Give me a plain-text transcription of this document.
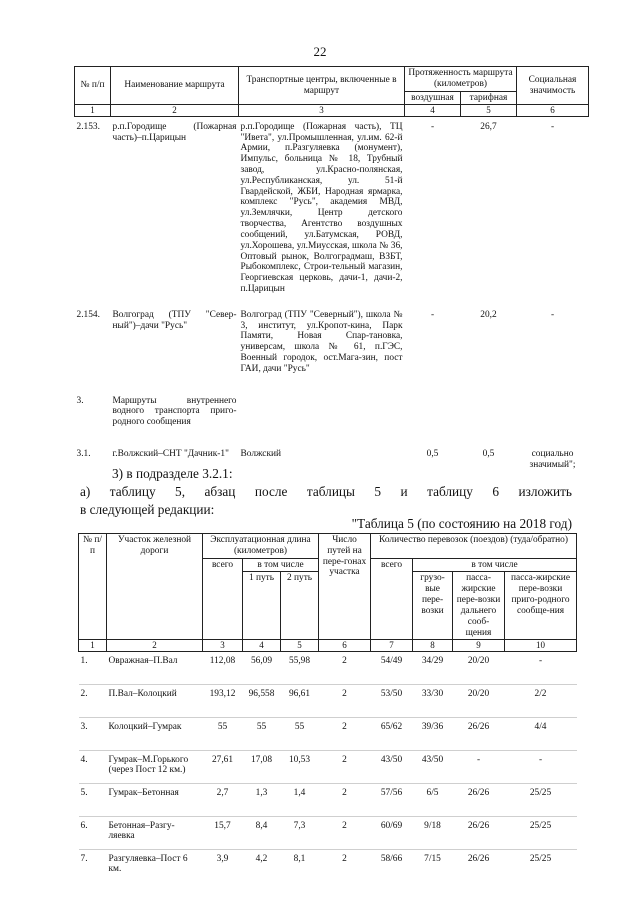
22
№ п/п	Наименование маршрута	Транспортные центры, включенные в маршрут	Протяженность маршрута (километров)		Социальная значимость
			воздушная	тарифная	
1	2	3	4	5	6
2.153.	р.п.Городище (Пожарная часть)–п.Царицын	р.п.Городище (Пожарная часть), ТЦ "Ивета", ул.Промышленная, ул.им. 62-й Армии, п.Разгуляевка (монумент), Импульс, больница № 18, Трубный завод, ул.Красно-полянская, ул.Республиканская, ул. 51-й Гвардейской, ЖБИ, Народная ярмарка, комплекс "Русь", академия МВД, ул.Землячки, Центр детского творчества, Агентство воздушных сообщений, ул.Батумская, РОВД, ул.Хорошева, ул.Миусская, школа № 36, Оптовый рынок, Волгоградмаш, ВЗБТ, Рыбокомплекс, Строи-тельный магазин, Георгиевская церковь, дачи-1, дачи-2, п.Царицын	-	26,7	-
2.154.	Волгоград (ТПУ "Север-ный")–дачи "Русь"	Волгоград (ТПУ "Северный"), школа № 3, институт, ул.Кропот-кина, Парк Памяти, Новая Спар-тановка, универсам, школа № 61, п.ГЭС, Военный городок, ост.Мага-зин, пост ГАИ, дачи "Русь"	-	20,2	-
3.	Маршруты внутреннего водного транспорта приго-родного сообщения				
3.1.	г.Волжский–СНТ "Дачник-1"	Волжский	0,5	0,5	социально значимый";
3) в подразделе 3.2.1:
а) таблицу 5, абзац после таблицы 5 и таблицу 6 изложить
в следующей редакции:
"Таблица 5 (по состоянию на 2018 год)
№ п/п	Участок железной дороги	Эксплуатационная длина (километров)			Число путей на пере-гонах участка	Количество перевозок (поездов) (туда/обратно)			
		всего	в том числе			всего	в том числе		
			1 путь	2 путь			грузо-вые пере-возки	пасса-жирские пере-возки дальнего сооб-щения	пасса-жирские пере-возки приго-родного сообще-ния
1	2	3	4	5	6	7	8	9	10
1.	Овражная–П.Вал	112,08	56,09	55,98	2	54/49	34/29	20/20	-
2.	П.Вал–Колоцкий	193,12	96,558	96,61	2	53/50	33/30	20/20	2/2
3.	Колоцкий–Гумрак	55	55	55	2	65/62	39/36	26/26	4/4
4.	Гумрак–М.Горького (через Пост 12 км.)	27,61	17,08	10,53	2	43/50	43/50	-	-
5.	Гумрак–Бетонная	2,7	1,3	1,4	2	57/56	6/5	26/26	25/25
6.	Бетонная–Разгу-ляевка	15,7	8,4	7,3	2	60/69	9/18	26/26	25/25
7.	Разгуляевка–Пост 6 км.	3,9	4,2	8,1	2	58/66	7/15	26/26	25/25
